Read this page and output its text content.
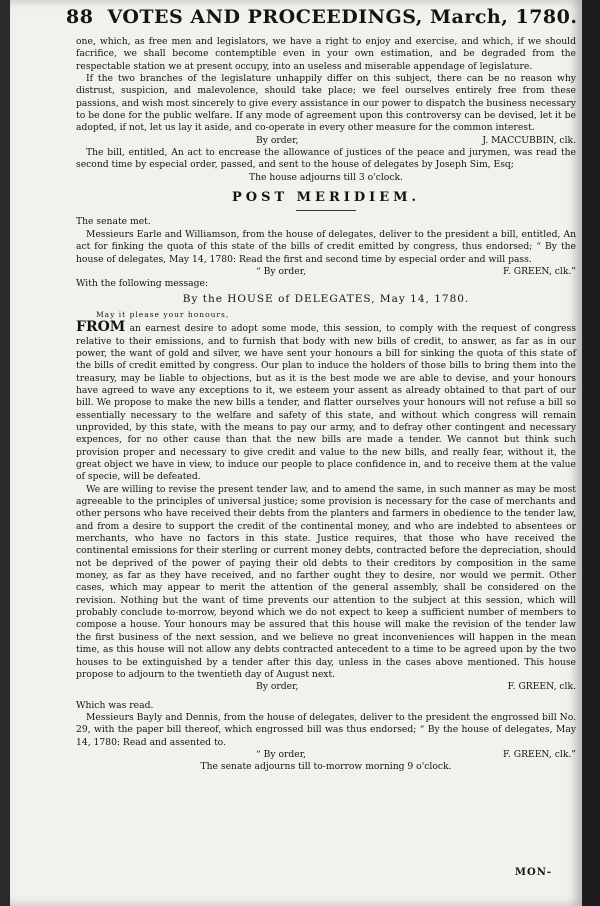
88 VOTES AND PROCEEDINGS, March, 1780.

one, which, as free men and legislators, we have a right to enjoy and exercise, and which, if we should facrifice, we shall become contemptible even in your own estimation, and be degraded from the respectable station we at present occupy, into an useless and miserable appendage of legislature.

If the two branches of the legislature unhappily differ on this subject, there can be no reason why distrust, suspicion, and malevolence, should take place; we feel ourselves entirely free from these passions, and wish most sincerely to give every assistance in our power to dispatch the business necessary to be done for the public welfare. If any mode of agreement upon this controversy can be devised, let it be adopted, if not, let us lay it aside, and co-operate in every other measure for the common interest.

By order,	J. MACCUBBIN, clk.

The bill, entitled, An act to encrease the allowance of justices of the peace and jurymen, was read the second time by especial order, passed, and sent to the house of delegates by Joseph Sim, Esq;

The house adjourns till 3 o'clock.

POST MERIDIEM.

The senate met.

Messieurs Earle and Williamson, from the house of delegates, deliver to the president a bill, entitled, An act for finking the quota of this state of the bills of credit emitted by congress, thus endorsed; “ By the house of delegates, May 14, 1780: Read the first and second time by especial order and will pass.

“ By order,	F. GREEN, clk.”

With the following message:

By the HOUSE of DELEGATES, May 14, 1780.

May it please your honours,

FROM an earnest desire to adopt some mode, this session, to comply with the request of congress relative to their emissions, and to furnish that body with new bills of credit, to answer, as far as in our power, the want of gold and silver, we have sent your honours a bill for sinking the quota of this state of the bills of credit emitted by congress. Our plan to induce the holders of those bills to bring them into the treasury, may be liable to objections, but as it is the best mode we are able to devise, and your honours have agreed to wave any exceptions to it, we esteem your assent as already obtained to that part of our bill. We propose to make the new bills a tender, and flatter ourselves your honours will not refuse a bill so essentially necessary to the welfare and safety of this state, and without which congress will remain unprovided, by this state, with the means to pay our army, and to defray other contingent and necessary expences, for no other cause than that the new bills are made a tender. We cannot but think such provision proper and necessary to give credit and value to the new bills, and really fear, without it, the great object we have in view, to induce our people to place confidence in, and to receive them at the value of specie, will be defeated.

We are willing to revise the present tender law, and to amend the same, in such manner as may be most agreeable to the principles of universal justice; some provision is necessary for the case of merchants and other persons who have received their debts from the planters and farmers in obedience to the tender law, and from a desire to support the credit of the continental money, and who are indebted to absentees or merchants, who have no factors in this state. Justice requires, that those who have received the continental emissions for their sterling or current money debts, contracted before the depreciation, should not be deprived of the power of paying their old debts to their creditors by composition in the same money, as far as they have received, and no farther ought they to desire, nor would we permit. Other cases, which may appear to merit the attention of the general assembly, shall be considered on the revision. Nothing but the want of time prevents our attention to the subject at this session, which will probably conclude to-morrow, beyond which we do not expect to keep a sufficient number of members to compose a house. Your honours may be assured that this house will make the revision of the tender law the first business of the next session, and we believe no great inconveniences will happen in the mean time, as this house will not allow any debts contracted antecedent to a time to be agreed upon by the two houses to be extinguished by a tender after this day, unless in the cases above mentioned. This house propose to adjourn to the twentieth day of August next.

By order,	F. GREEN, clk.

Which was read.

Messieurs Bayly and Dennis, from the house of delegates, deliver to the president the engrossed bill No. 29, with the paper bill thereof, which engrossed bill was thus endorsed; “ By the house of delegates, May 14, 1780: Read and assented to.

“ By order,	F. GREEN, clk.”

The senate adjourns till to-morrow morning 9 o'clock.

MON-
